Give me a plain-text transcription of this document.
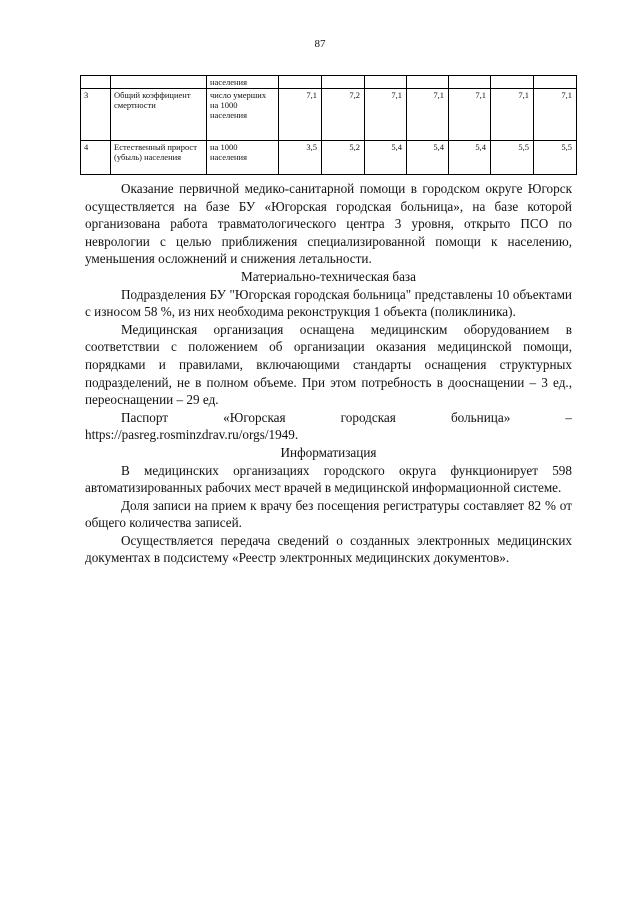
87
		населения							
3	Общий коэффициент смертности	число умерших на 1000 населения	7,1	7,2	7,1	7,1	7,1	7,1	7,1
4	Естественный прирост (убыль) населения	на 1000 населения	3,5	5,2	5,4	5,4	5,4	5,5	5,5

Оказание первичной медико-санитарной помощи в городском округе Югорск осуществляется на базе БУ «Югорская городская больница», на базе которой организована работа травматологического центра 3 уровня, открыто ПСО по неврологии с целью приближения специализированной помощи к населению, уменьшения осложнений и снижения летальности.

Материально-техническая база

Подразделения БУ "Югорская городская больница" представлены 10 объектами с износом 58 %, из них необходима реконструкция 1 объекта (поликлиника).

Медицинская организация оснащена медицинским оборудованием в соответствии с положением об организации оказания медицинской помощи, порядками и правилами, включающими стандарты оснащения структурных подразделений, не в полном объеме. При этом потребность в дооснащении – 3 ед., переоснащении – 29 ед.

Паспорт «Югорская городская больница» –

https://pasreg.rosminzdrav.ru/orgs/1949.

Информатизация

В медицинских организациях городского округа функционирует 598 автоматизированных рабочих мест врачей в медицинской информационной системе.

Доля записи на прием к врачу без посещения регистратуры составляет 82 % от общего количества записей.

Осуществляется передача сведений о созданных электронных медицинских документах в подсистему «Реестр электронных медицинских документов».
